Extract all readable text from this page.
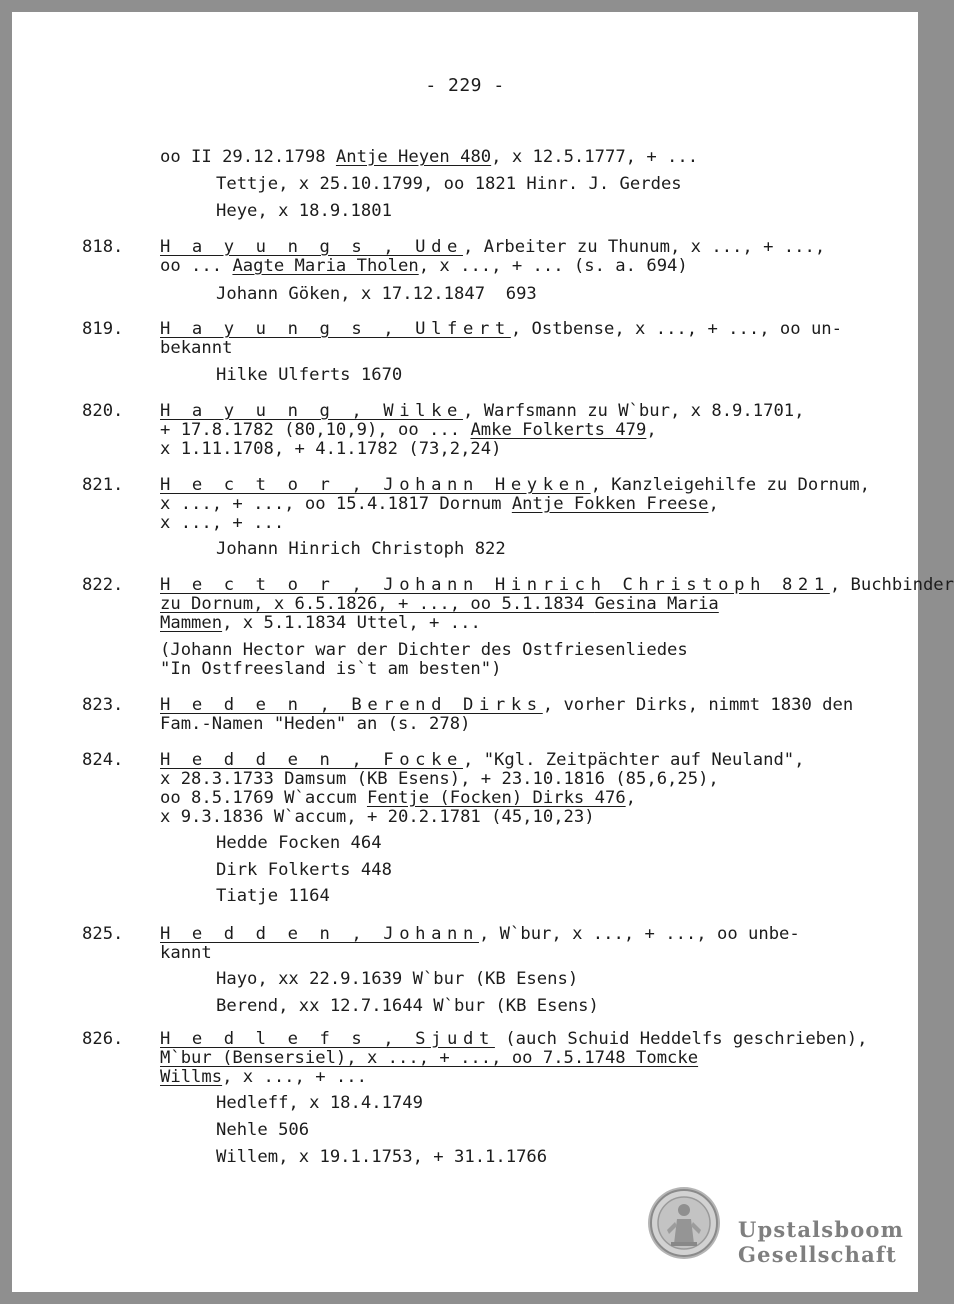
- 229 -
oo II 29.12.1798 Antje Heyen 480, x 12.5.1777, + ...
Tettje, x 25.10.1799, oo 1821 Hinr. J. Gerdes
Heye, x 18.9.1801
818. H a y u n g s , Ude, Arbeiter zu Thunum, x ..., + ...,
oo ... Aagte Maria Tholen, x ..., + ... (s. a. 694)
Johann Göken, x 17.12.1847  693
819. H a y u n g s , Ulfert, Ostbense, x ..., + ..., oo un-
bekannt
Hilke Ulferts 1670
820. H a y u n g , Wilke, Warfsmann zu W`bur, x 8.9.1701,
+ 17.8.1782 (80,10,9), oo ... Amke Folkerts 479,
x 1.11.1708, + 4.1.1782 (73,2,24)
821. H e c t o r , Johann Heyken, Kanzleigehilfe zu Dornum,
x ..., + ..., oo 15.4.1817 Dornum Antje Fokken Freese,
x ..., + ...
Johann Hinrich Christoph 822
822. H e c t o r , Johann Hinrich Christoph 821, Buchbinder
zu Dornum, x 6.5.1826, + ..., oo 5.1.1834 Gesina Maria
Mammen, x 5.1.1834 Uttel, + ...
(Johann Hector war der Dichter des Ostfriesenliedes
"In Ostfreesland is`t am besten")
823. H e d e n , Berend Dirks, vorher Dirks, nimmt 1830 den
Fam.-Namen "Heden" an (s. 278)
824. H e d d e n , Focke, "Kgl. Zeitpächter auf Neuland",
x 28.3.1733 Damsum (KB Esens), + 23.10.1816 (85,6,25),
oo 8.5.1769 W`accum Fentje (Focken) Dirks 476,
x 9.3.1836 W`accum, + 20.2.1781 (45,10,23)
Hedde Focken 464
Dirk Folkerts 448
Tiatje 1164
825. H e d d e n , Johann, W`bur, x ..., + ..., oo unbe-
kannt
Hayo, xx 22.9.1639 W`bur (KB Esens)
Berend, xx 12.7.1644 W`bur (KB Esens)
826. H e d l e f s , Sjudt (auch Schuid Heddelfs geschrieben),
M`bur (Bensersiel), x ..., + ..., oo 7.5.1748 Tomcke
Willms, x ..., + ...
Hedleff, x 18.4.1749
Nehle 506
Willem, x 19.1.1753, + 31.1.1766
Upstalsboom
Gesellschaft
